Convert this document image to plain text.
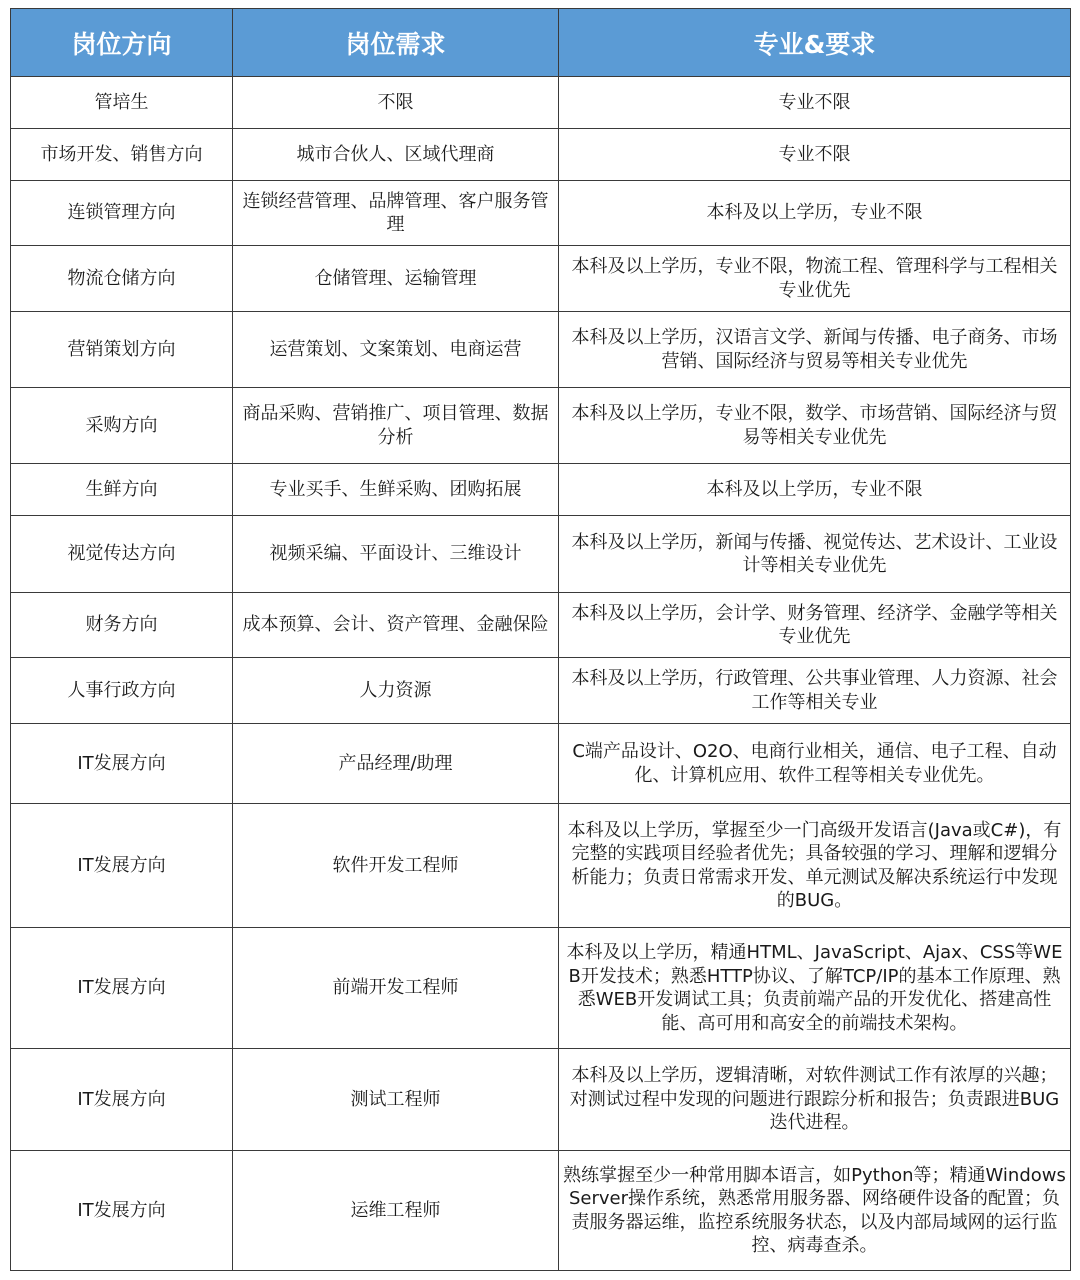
岗位方向	岗位需求	专业&要求
管培生	不限	专业不限
市场开发、销售方向	城市合伙人、区域代理商	专业不限
连锁管理方向	连锁经营管理、品牌管理、客户服务管理	本科及以上学历，专业不限
物流仓储方向	仓储管理、运输管理	本科及以上学历，专业不限，物流工程、管理科学与工程相关专业优先
营销策划方向	运营策划、文案策划、电商运营	本科及以上学历，汉语言文学、新闻与传播、电子商务、市场营销、国际经济与贸易等相关专业优先
采购方向	商品采购、营销推广、项目管理、数据分析	本科及以上学历，专业不限，数学、市场营销、国际经济与贸易等相关专业优先
生鲜方向	专业买手、生鲜采购、团购拓展	本科及以上学历，专业不限
视觉传达方向	视频采编、平面设计、三维设计	本科及以上学历，新闻与传播、视觉传达、艺术设计、工业设计等相关专业优先
财务方向	成本预算、会计、资产管理、金融保险	本科及以上学历，会计学、财务管理、经济学、金融学等相关专业优先
人事行政方向	人力资源	本科及以上学历，行政管理、公共事业管理、人力资源、社会工作等相关专业
IT发展方向	产品经理/助理	C端产品设计、O2O、电商行业相关，通信、电子工程、自动化、计算机应用、软件工程等相关专业优先。
IT发展方向	软件开发工程师	本科及以上学历，掌握至少一门高级开发语言(Java或C#)，有完整的实践项目经验者优先；具备较强的学习、理解和逻辑分析能力；负责日常需求开发、单元测试及解决系统运行中发现的BUG。
IT发展方向	前端开发工程师	本科及以上学历，精通HTML、JavaScript、Ajax、CSS等WEB开发技术；熟悉HTTP协议、了解TCP/IP的基本工作原理、熟悉WEB开发调试工具；负责前端产品的开发优化、搭建高性能、高可用和高安全的前端技术架构。
IT发展方向	测试工程师	本科及以上学历，逻辑清晰，对软件测试工作有浓厚的兴趣；对测试过程中发现的问题进行跟踪分析和报告；负责跟进BUG迭代进程。
IT发展方向	运维工程师	熟练掌握至少一种常用脚本语言，如Python等；精通Windows Server操作系统，熟悉常用服务器、网络硬件设备的配置；负责服务器运维，监控系统服务状态，以及内部局域网的运行监控、病毒查杀。
